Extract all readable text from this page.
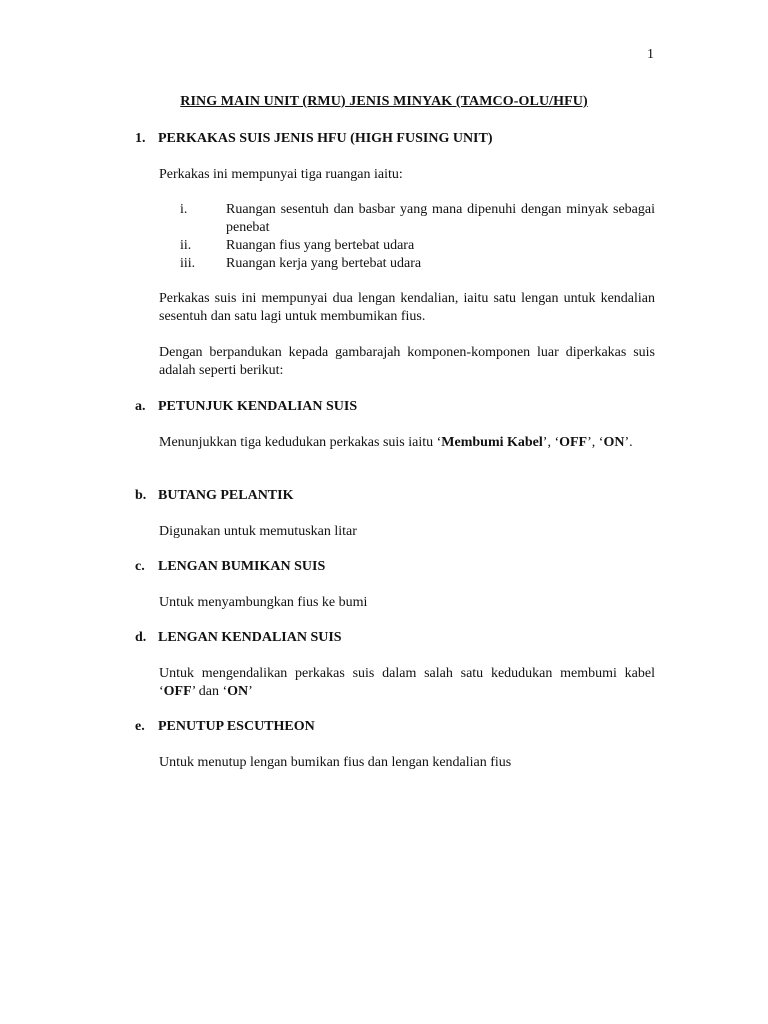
1
RING MAIN UNIT (RMU) JENIS MINYAK (TAMCO-OLU/HFU)
1. PERKAKAS SUIS JENIS HFU (HIGH FUSING UNIT)
Perkakas ini mempunyai tiga ruangan iaitu:
i.	Ruangan sesentuh dan basbar yang mana dipenuhi dengan minyak sebagai penebat
ii. Ruangan fius yang bertebat udara
iii. Ruangan kerja yang bertebat udara
Perkakas suis ini mempunyai dua lengan kendalian, iaitu satu lengan untuk kendalian sesentuh dan satu lagi untuk membumikan fius.
Dengan berpandukan kepada gambarajah komponen-komponen luar diperkakas suis adalah seperti berikut:
a. PETUNJUK KENDALIAN SUIS
Menunjukkan tiga kedudukan perkakas suis iaitu ‘Membumi Kabel’, ‘OFF’, ‘ON’.
b. BUTANG PELANTIK
Digunakan untuk memutuskan litar
c. LENGAN BUMIKAN SUIS
Untuk menyambungkan fius ke bumi
d. LENGAN KENDALIAN SUIS
Untuk mengendalikan perkakas suis dalam salah satu kedudukan membumi kabel ‘OFF’ dan ‘ON’
e. PENUTUP ESCUTHEON
Untuk menutup lengan bumikan fius dan lengan kendalian fius
